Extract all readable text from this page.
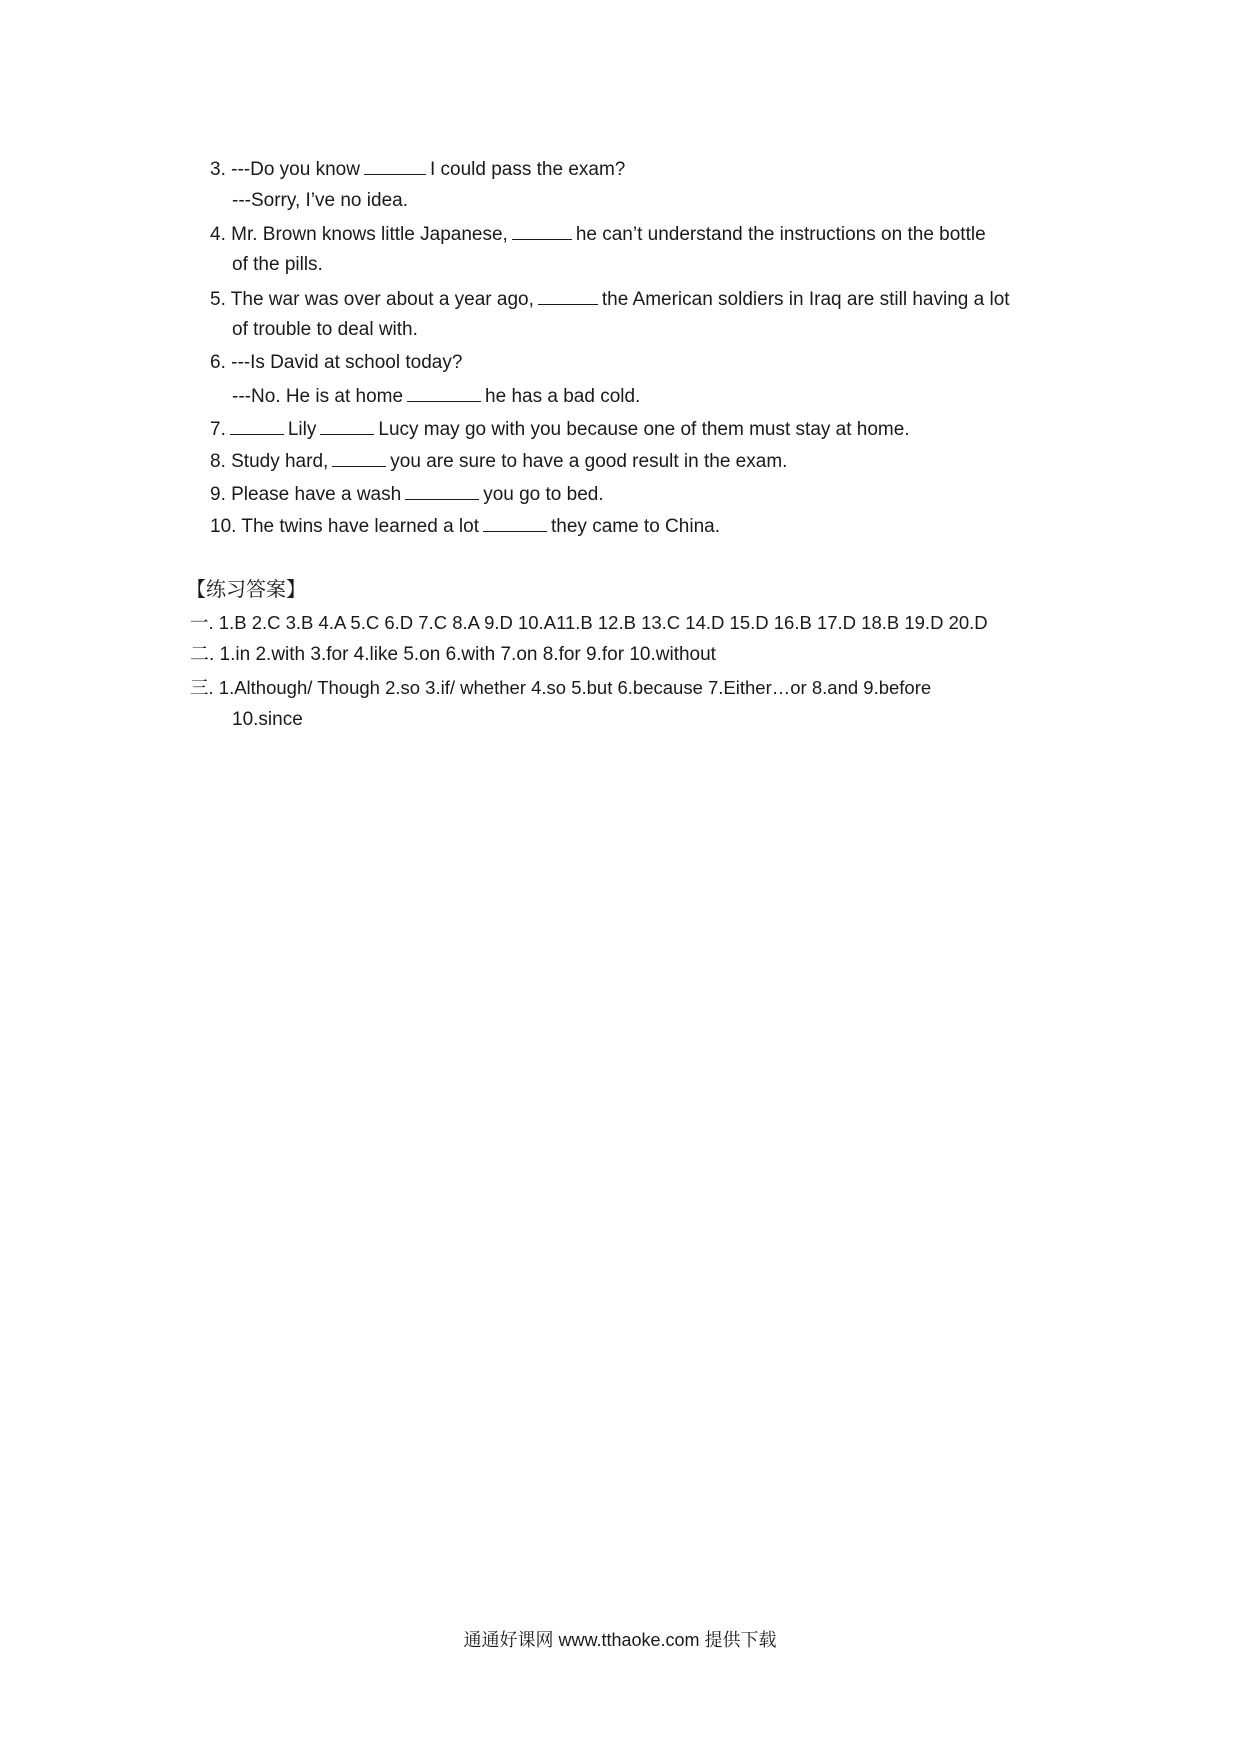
3. ---Do you know	I could pass the exam?
---Sorry, I’ve no idea.
4. Mr. Brown knows little Japanese,	he can’t understand the instructions on the bottle
of the pills.
5. The war was over about a year ago,	the American soldiers in Iraq are still having a lot
of trouble to deal with.
6. ---Is David at school today?
---No. He is at home	he has a bad cold.
7.	Lily	Lucy may go with you because one of them must stay at home.
8. Study hard,	you are sure to have a good result in the exam.
9. Please have a wash	you go to bed.
10. The twins have learned a lot	they came to China.
【练习答案】
一. 1.B 2.C 3.B 4.A 5.C 6.D 7.C 8.A 9.D 10.A11.B 12.B 13.C 14.D 15.D 16.B 17.D 18.B 19.D 20.D
二. 1.in 2.with 3.for 4.like 5.on 6.with 7.on 8.for 9.for 10.without
三. 1.Although/ Though 2.so 3.if/ whether 4.so 5.but 6.because 7.Either…or 8.and 9.before
10.since
通通好课网 www.tthaoke.com 提供下载
